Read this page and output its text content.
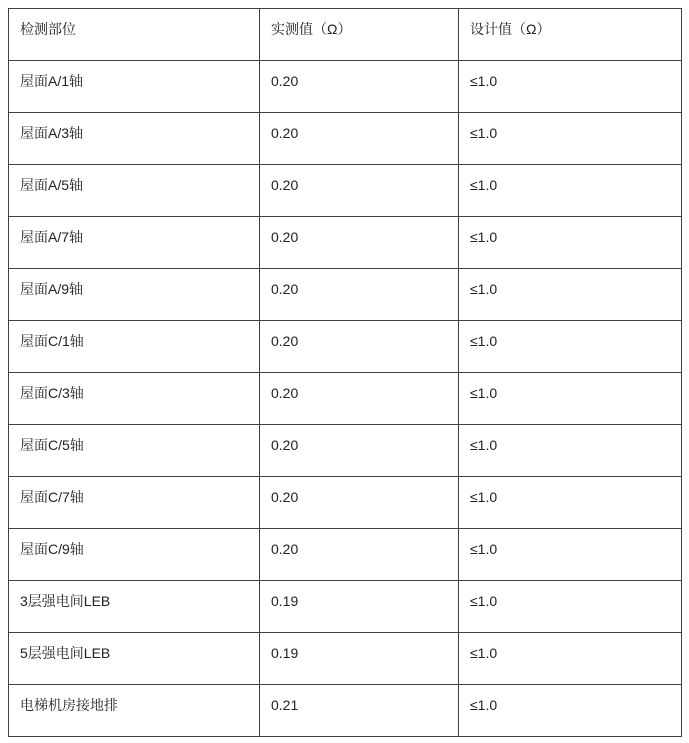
检测部位	实测值（Ω）	设计值（Ω）
屋面A/1轴	0.20	≤1.0
屋面A/3轴	0.20	≤1.0
屋面A/5轴	0.20	≤1.0
屋面A/7轴	0.20	≤1.0
屋面A/9轴	0.20	≤1.0
屋面C/1轴	0.20	≤1.0
屋面C/3轴	0.20	≤1.0
屋面C/5轴	0.20	≤1.0
屋面C/7轴	0.20	≤1.0
屋面C/9轴	0.20	≤1.0
3层强电间LEB	0.19	≤1.0
5层强电间LEB	0.19	≤1.0
电梯机房接地排	0.21	≤1.0
